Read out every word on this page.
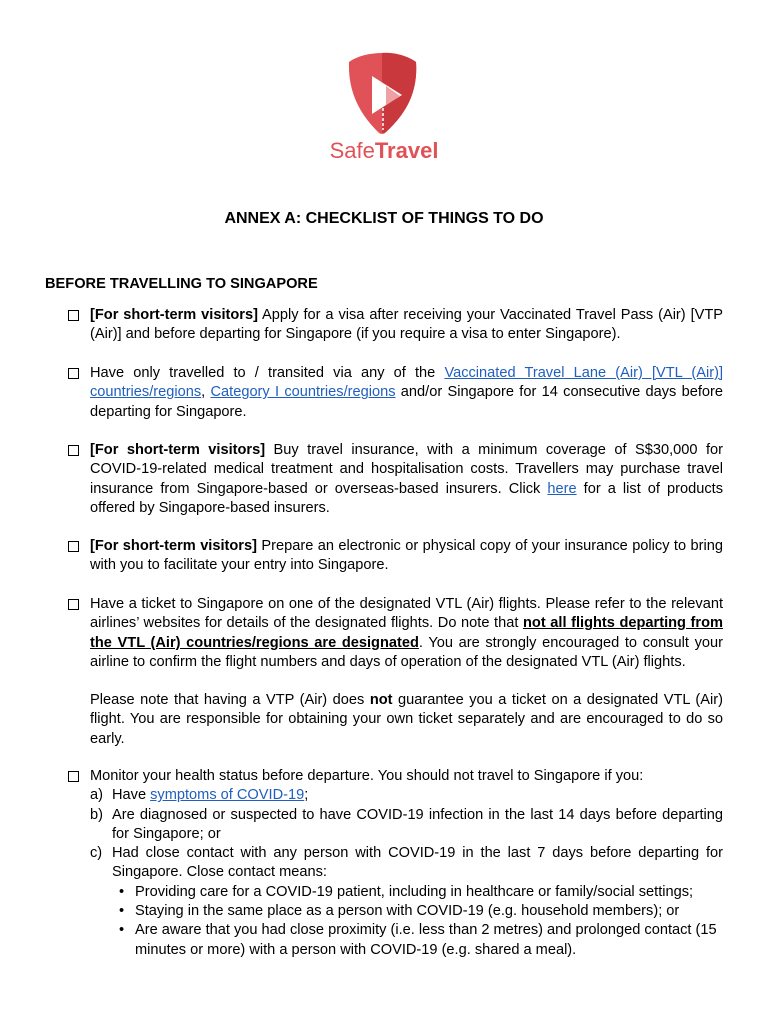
SafeTravel
ANNEX A: CHECKLIST OF THINGS TO DO
BEFORE TRAVELLING TO SINGAPORE
[For short-term visitors] Apply for a visa after receiving your Vaccinated Travel Pass (Air) [VTP (Air)] and before departing for Singapore (if you require a visa to enter Singapore).
Have only travelled to / transited via any of the Vaccinated Travel Lane (Air) [VTL (Air)] countries/regions, Category I countries/regions and/or Singapore for 14 consecutive days before departing for Singapore.
[For short-term visitors] Buy travel insurance, with a minimum coverage of S$30,000 for COVID-19-related medical treatment and hospitalisation costs. Travellers may purchase travel insurance from Singapore-based or overseas-based insurers. Click here for a list of products offered by Singapore-based insurers.
[For short-term visitors] Prepare an electronic or physical copy of your insurance policy to bring with you to facilitate your entry into Singapore.
Have a ticket to Singapore on one of the designated VTL (Air) flights. Please refer to the relevant airlines’ websites for details of the designated flights. Do note that not all flights departing from the VTL (Air) countries/regions are designated. You are strongly encouraged to consult your airline to confirm the flight numbers and days of operation of the designated VTL (Air) flights.
Please note that having a VTP (Air) does not guarantee you a ticket on a designated VTL (Air) flight. You are responsible for obtaining your own ticket separately and are encouraged to do so early.
Monitor your health status before departure. You should not travel to Singapore if you:
a) Have symptoms of COVID-19;
b) Are diagnosed or suspected to have COVID-19 infection in the last 14 days before departing for Singapore; or
c) Had close contact with any person with COVID-19 in the last 7 days before departing for Singapore. Close contact means:
• Providing care for a COVID-19 patient, including in healthcare or family/social settings;
• Staying in the same place as a person with COVID-19 (e.g. household members); or
• Are aware that you had close proximity (i.e. less than 2 metres) and prolonged contact (15 minutes or more) with a person with COVID-19 (e.g. shared a meal).
